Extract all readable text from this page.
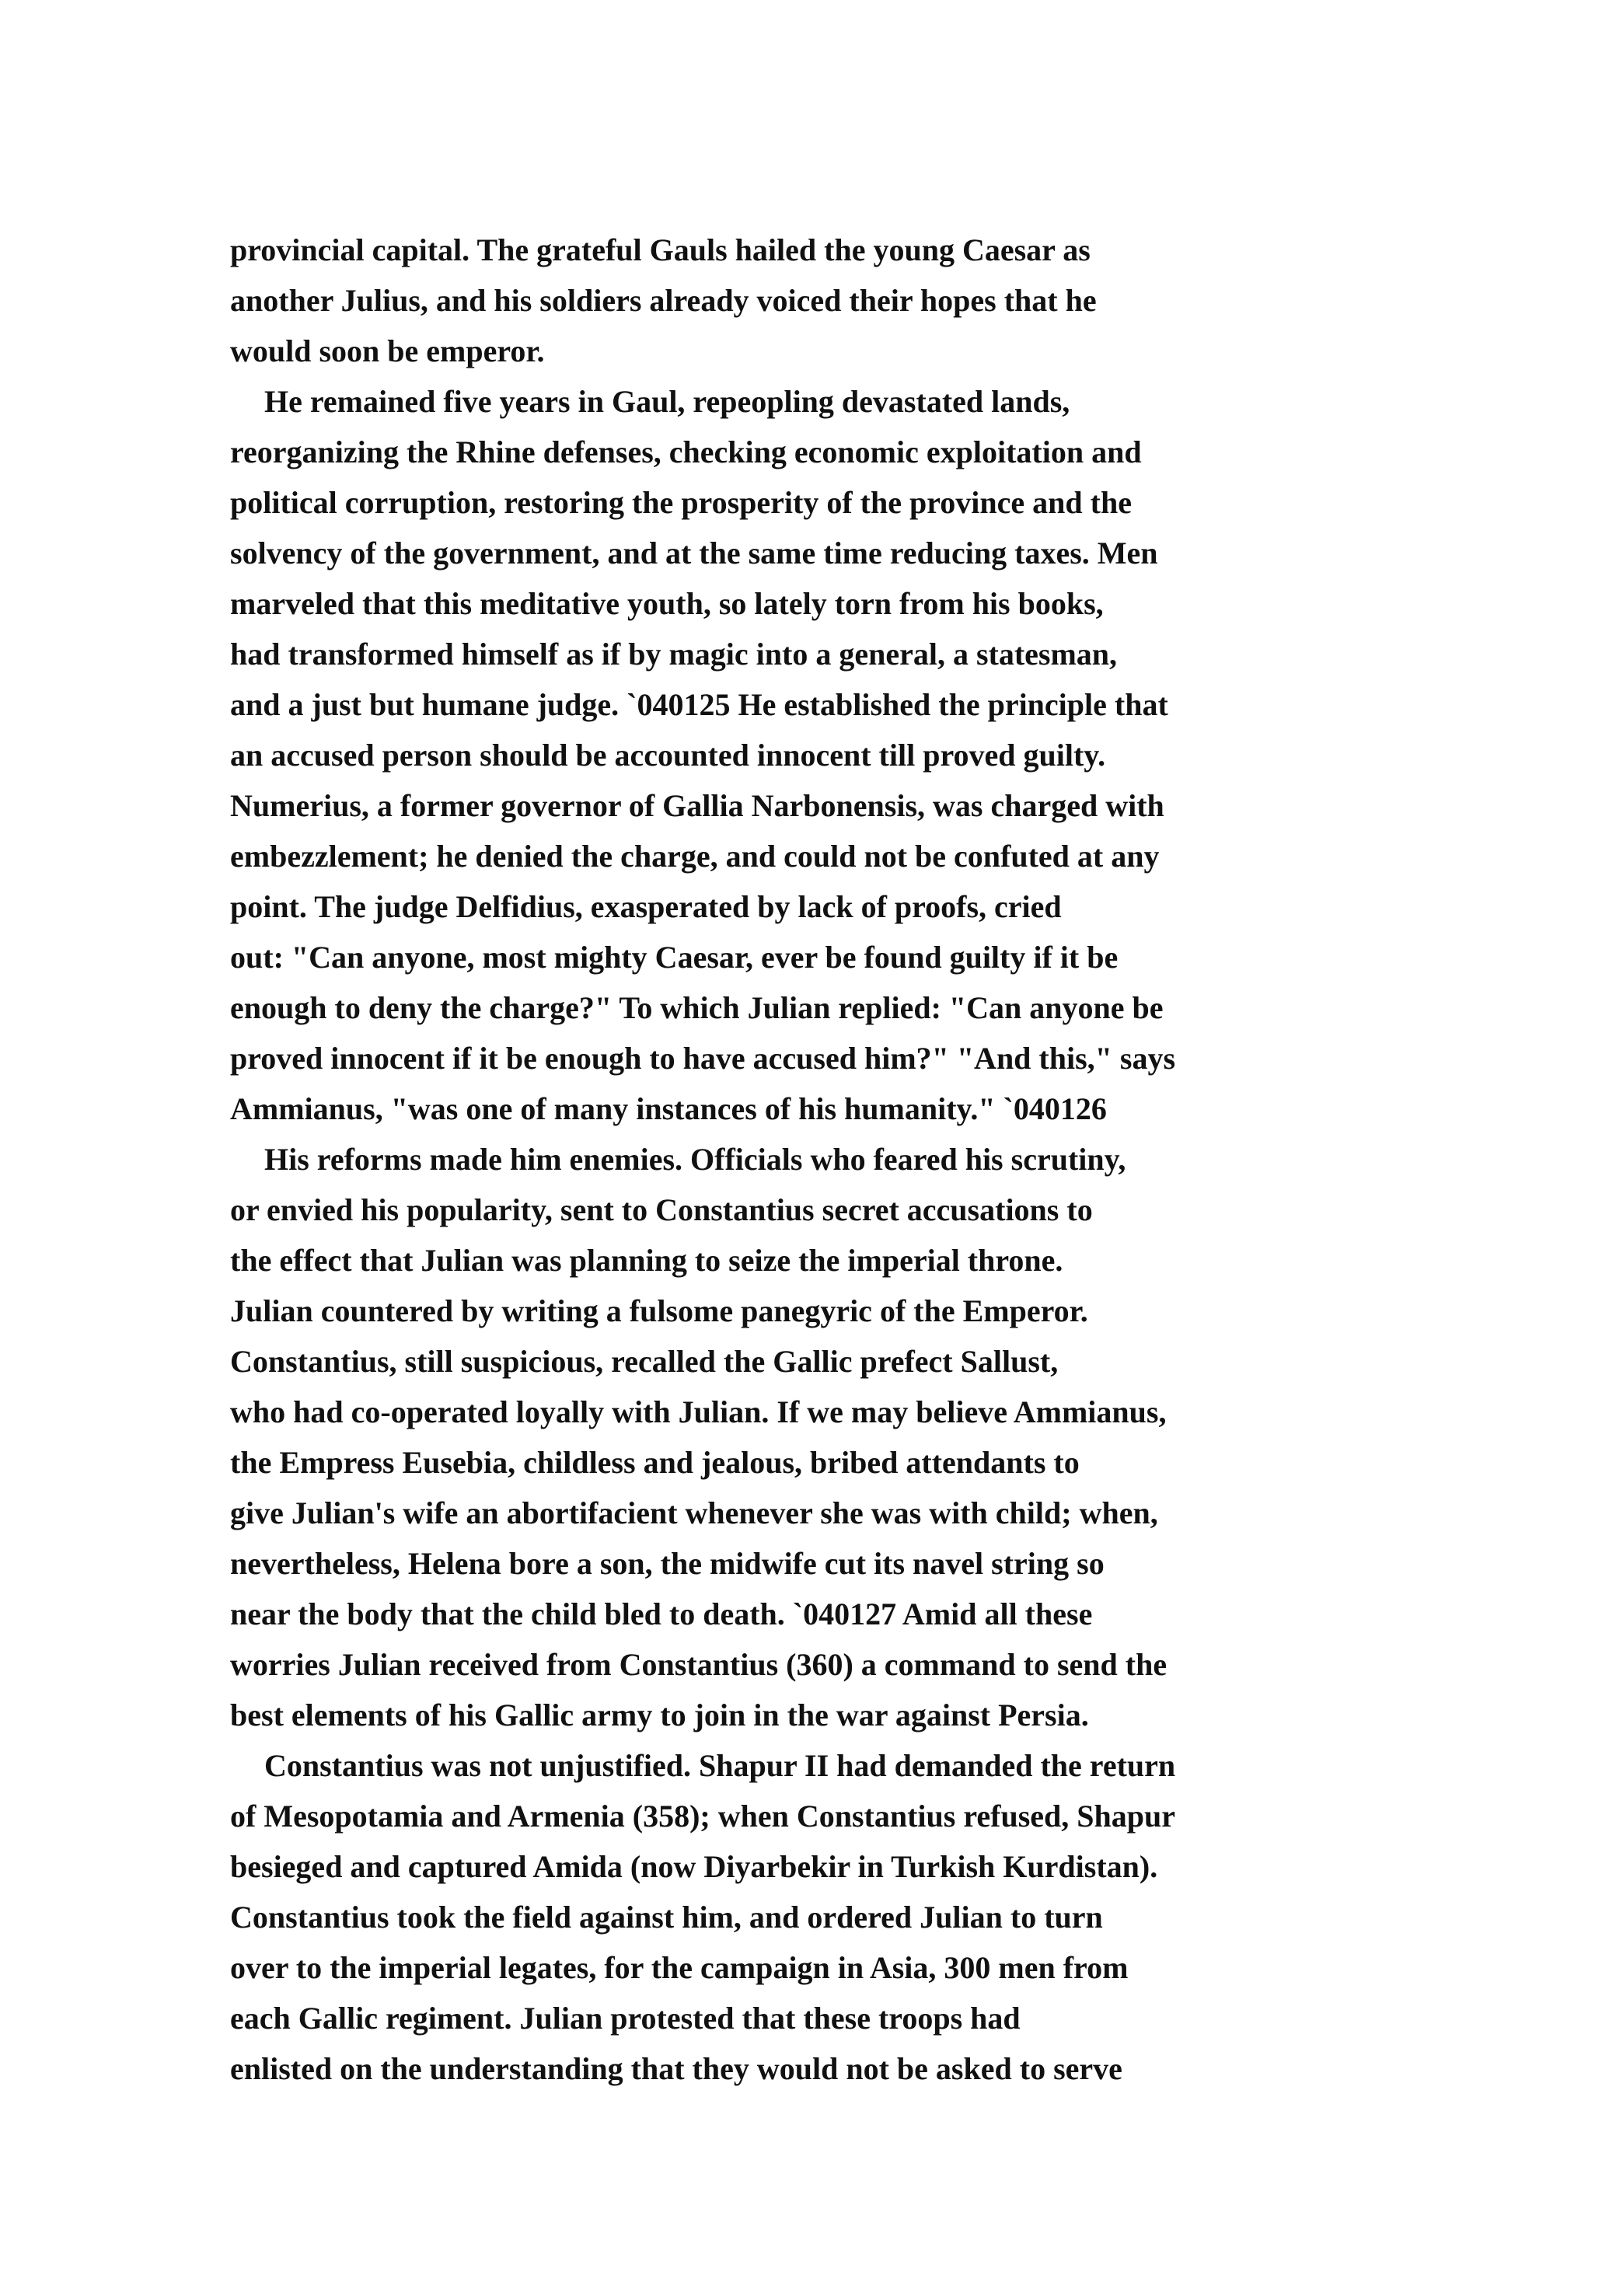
provincial capital. The grateful Gauls hailed the young Caesar as
another Julius, and his soldiers already voiced their hopes that he
would soon be emperor.
He remained five years in Gaul, repeopling devastated lands,
reorganizing the Rhine defenses, checking economic exploitation and
political corruption, restoring the prosperity of the province and the
solvency of the government, and at the same time reducing taxes. Men
marveled that this meditative youth, so lately torn from his books,
had transformed himself as if by magic into a general, a statesman,
and a just but humane judge. `040125 He established the principle that
an accused person should be accounted innocent till proved guilty.
Numerius, a former governor of Gallia Narbonensis, was charged with
embezzlement; he denied the charge, and could not be confuted at any
point. The judge Delfidius, exasperated by lack of proofs, cried
out: "Can anyone, most mighty Caesar, ever be found guilty if it be
enough to deny the charge?" To which Julian replied: "Can anyone be
proved innocent if it be enough to have accused him?" "And this," says
Ammianus, "was one of many instances of his humanity." `040126
His reforms made him enemies. Officials who feared his scrutiny,
or envied his popularity, sent to Constantius secret accusations to
the effect that Julian was planning to seize the imperial throne.
Julian countered by writing a fulsome panegyric of the Emperor.
Constantius, still suspicious, recalled the Gallic prefect Sallust,
who had co-operated loyally with Julian. If we may believe Ammianus,
the Empress Eusebia, childless and jealous, bribed attendants to
give Julian's wife an abortifacient whenever she was with child; when,
nevertheless, Helena bore a son, the midwife cut its navel string so
near the body that the child bled to death. `040127 Amid all these
worries Julian received from Constantius (360) a command to send the
best elements of his Gallic army to join in the war against Persia.
Constantius was not unjustified. Shapur II had demanded the return
of Mesopotamia and Armenia (358); when Constantius refused, Shapur
besieged and captured Amida (now Diyarbekir in Turkish Kurdistan).
Constantius took the field against him, and ordered Julian to turn
over to the imperial legates, for the campaign in Asia, 300 men from
each Gallic regiment. Julian protested that these troops had
enlisted on the understanding that they would not be asked to serve
